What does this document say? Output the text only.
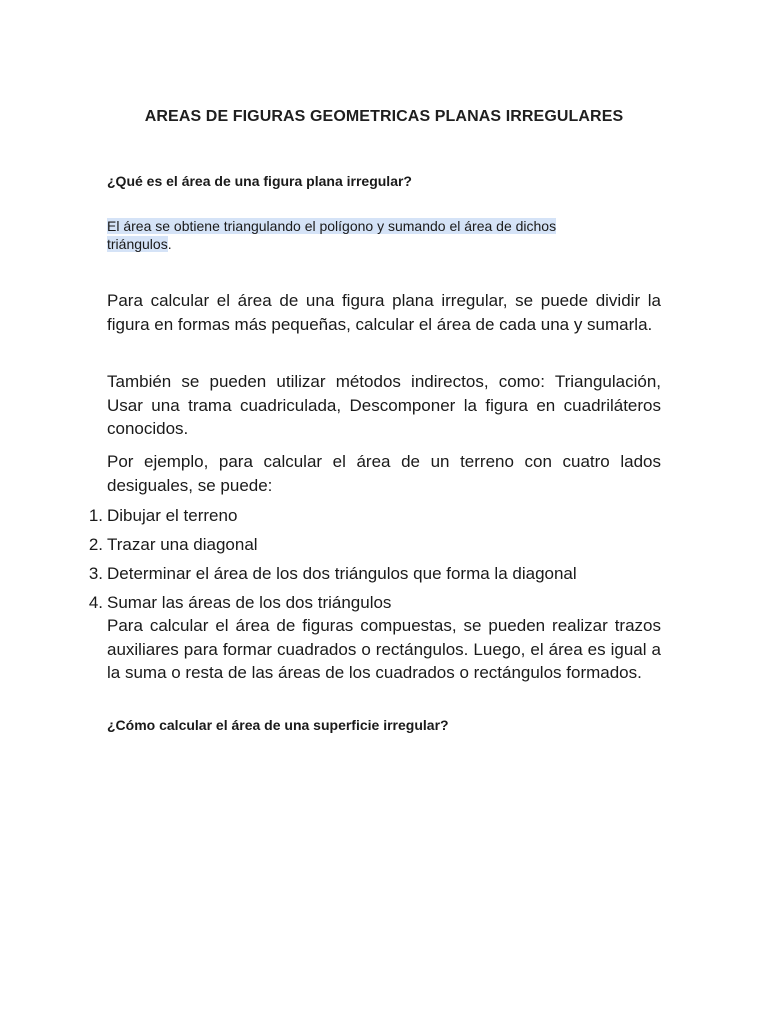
AREAS DE FIGURAS GEOMETRICAS PLANAS IRREGULARES
¿Qué es el área de una figura plana irregular?
El área se obtiene triangulando el polígono y sumando el área de dichos triángulos.

Para calcular el área de una figura plana irregular, se puede dividir la figura en formas más pequeñas, calcular el área de cada una y sumarla.

También se pueden utilizar métodos indirectos, como: Triangulación, Usar una trama cuadriculada, Descomponer la figura en cuadriláteros conocidos.

Por ejemplo, para calcular el área de un terreno con cuatro lados desiguales, se puede:

1. Dibujar el terreno
2. Trazar una diagonal
3. Determinar el área de los dos triángulos que forma la diagonal
4. Sumar las áreas de los dos triángulos

Para calcular el área de figuras compuestas, se pueden realizar trazos auxiliares para formar cuadrados o rectángulos. Luego, el área es igual a la suma o resta de las áreas de los cuadrados o rectángulos formados.

¿Cómo calcular el área de una superficie irregular?
